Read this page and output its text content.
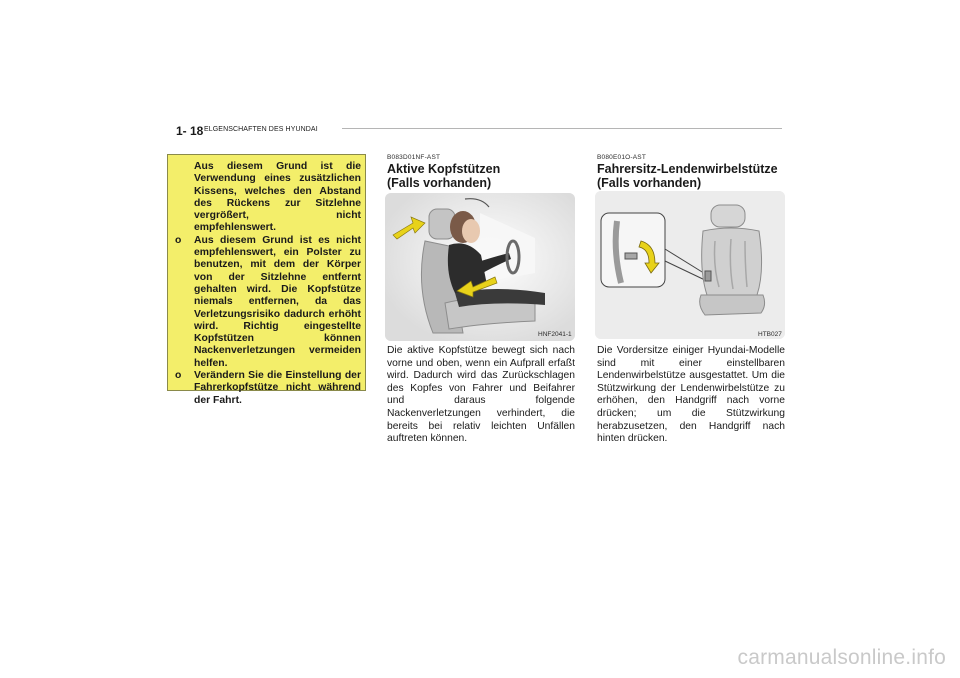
1- 18 ELGENSCHAFTEN DES HYUNDAI

Aus diesem Grund ist die Verwendung eines zusätzlichen Kissens, welches den Abstand des Rückens zur Sitzlehne vergrößert, nicht empfehlenswert.

o Aus diesem Grund ist es nicht empfehlenswert, ein Polster zu benutzen, mit dem der Körper von der Sitzlehne entfernt gehalten wird. Die Kopfstütze niemals entfernen, da das Verletzungsrisiko dadurch erhöht wird. Richtig eingestellte Kopfstützen können Nackenverletzungen vermeiden helfen.
o Verändern Sie die Einstellung der Fahrerkopfstütze nicht während der Fahrt.
B083D01NF-AST
Aktive Kopfstützen
(Falls vorhanden)
HNF2041-1
Die aktive Kopfstütze bewegt sich nach vorne und oben, wenn ein Aufprall erfaßt wird. Dadurch wird das Zurückschlagen des Kopfes von Fahrer und Beifahrer und daraus folgende Nackenverletzungen verhindert, die bereits bei relativ leichten Unfällen auftreten können.
B080E01O-AST
Fahrersitz-Lendenwirbelstütze
(Falls vorhanden)
HTB027
Die Vordersitze einiger Hyundai-Modelle sind mit einer einstellbaren Lendenwirbelstütze ausgestattet. Um die Stützwirkung der Lendenwirbelstütze zu erhöhen, den Handgriff nach vorne drücken; um die Stützwirkung herabzusetzen, den Handgriff nach hinten drücken.
carmanualsonline.info
